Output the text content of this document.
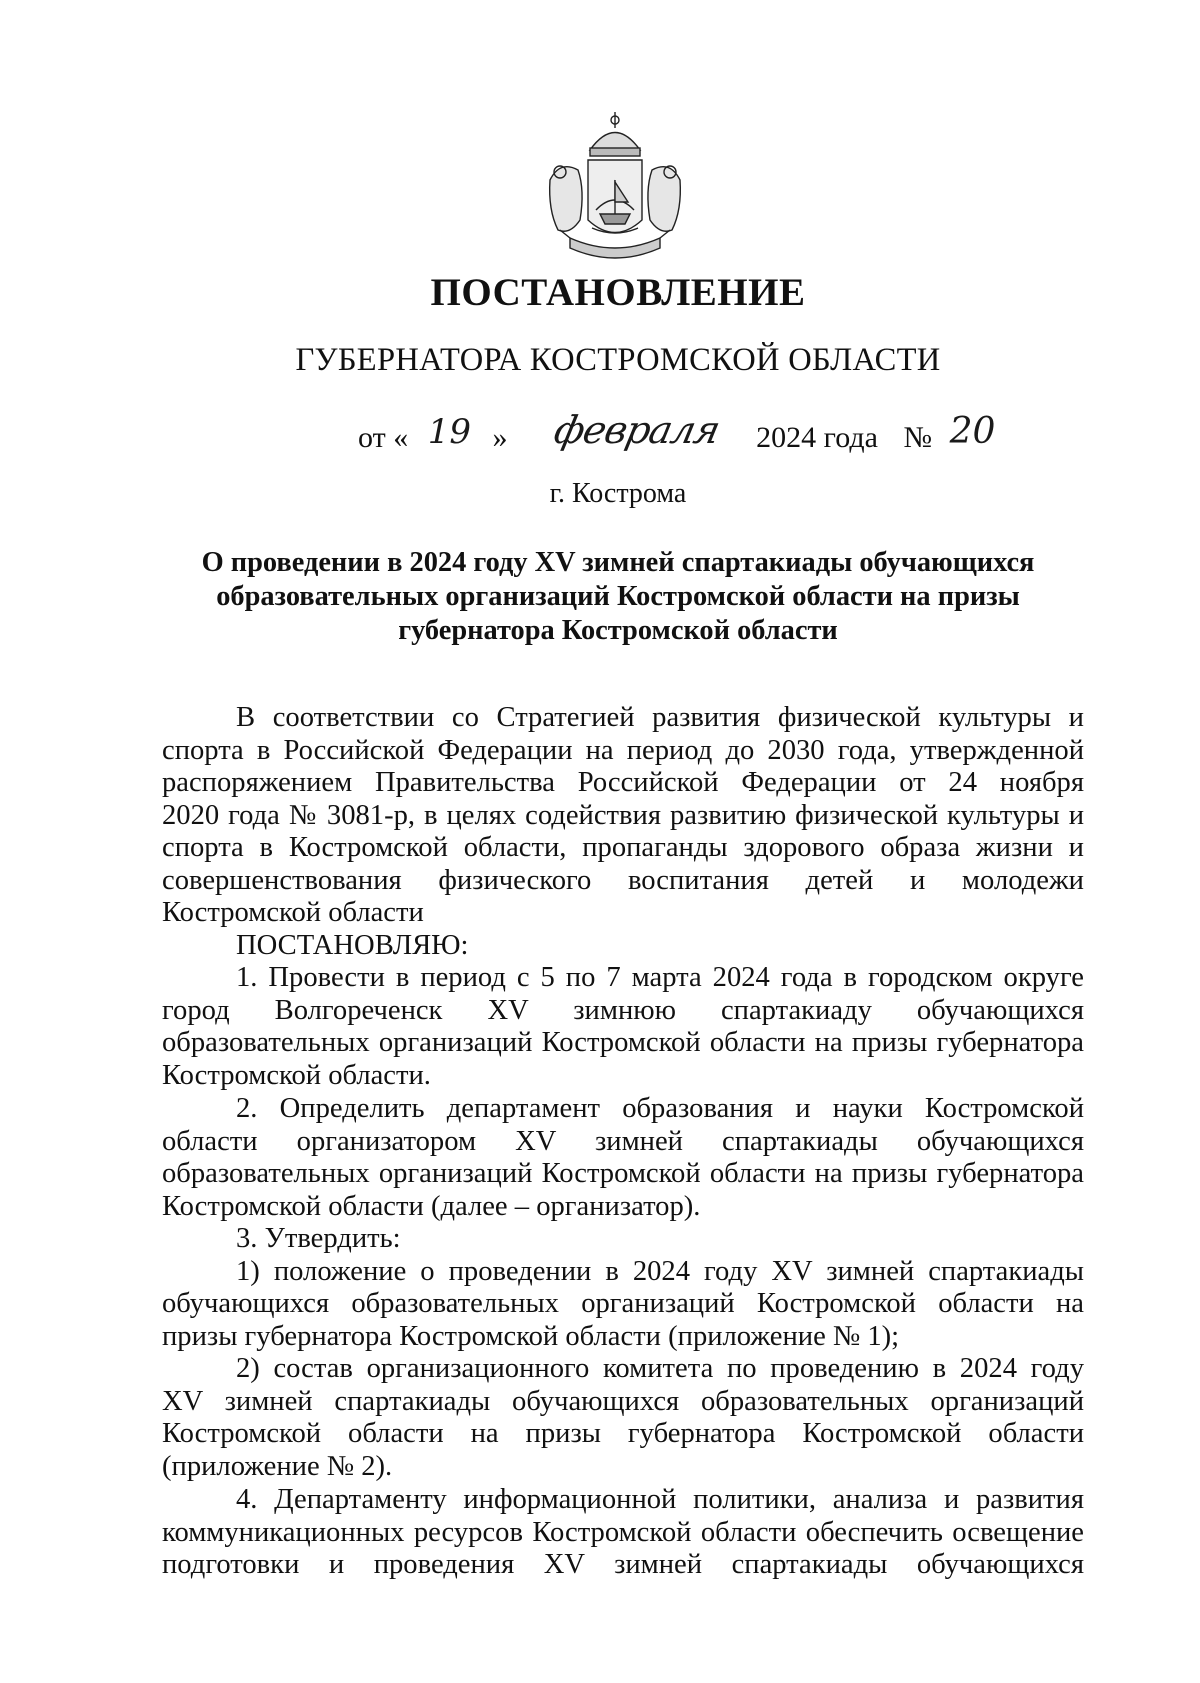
ПОСТАНОВЛЕНИЕ
ГУБЕРНАТОРА КОСТРОМСКОЙ ОБЛАСТИ
от « 19 » февраля 2024 года № 20
г. Кострома
О проведении в 2024 году XV зимней спартакиады обучающихся
образовательных организаций Костромской области на призы
губернатора Костромской области
В соответствии со Стратегией развития физической культуры и
спорта в Российской Федерации на период до 2030 года, утвержденной
распоряжением Правительства Российской Федерации от 24 ноября
2020 года № 3081-р, в целях содействия развитию физической культуры и
спорта в Костромской области, пропаганды здорового образа жизни и
совершенствования физического воспитания детей и молодежи
Костромской области
ПОСТАНОВЛЯЮ:
1. Провести в период с 5 по 7 марта 2024 года в городском округе
город Волгореченск XV зимнюю спартакиаду обучающихся
образовательных организаций Костромской области на призы губернатора
Костромской области.
2. Определить департамент образования и науки Костромской
области организатором XV зимней спартакиады обучающихся
образовательных организаций Костромской области на призы губернатора
Костромской области (далее – организатор).
3. Утвердить:
1) положение о проведении в 2024 году XV зимней спартакиады
обучающихся образовательных организаций Костромской области на
призы губернатора Костромской области (приложение № 1);
2) состав организационного комитета по проведению в 2024 году
XV зимней спартакиады обучающихся образовательных организаций
Костромской области на призы губернатора Костромской области
(приложение № 2).
4. Департаменту информационной политики, анализа и развития
коммуникационных ресурсов Костромской области обеспечить освещение
подготовки и проведения XV зимней спартакиады обучающихся
